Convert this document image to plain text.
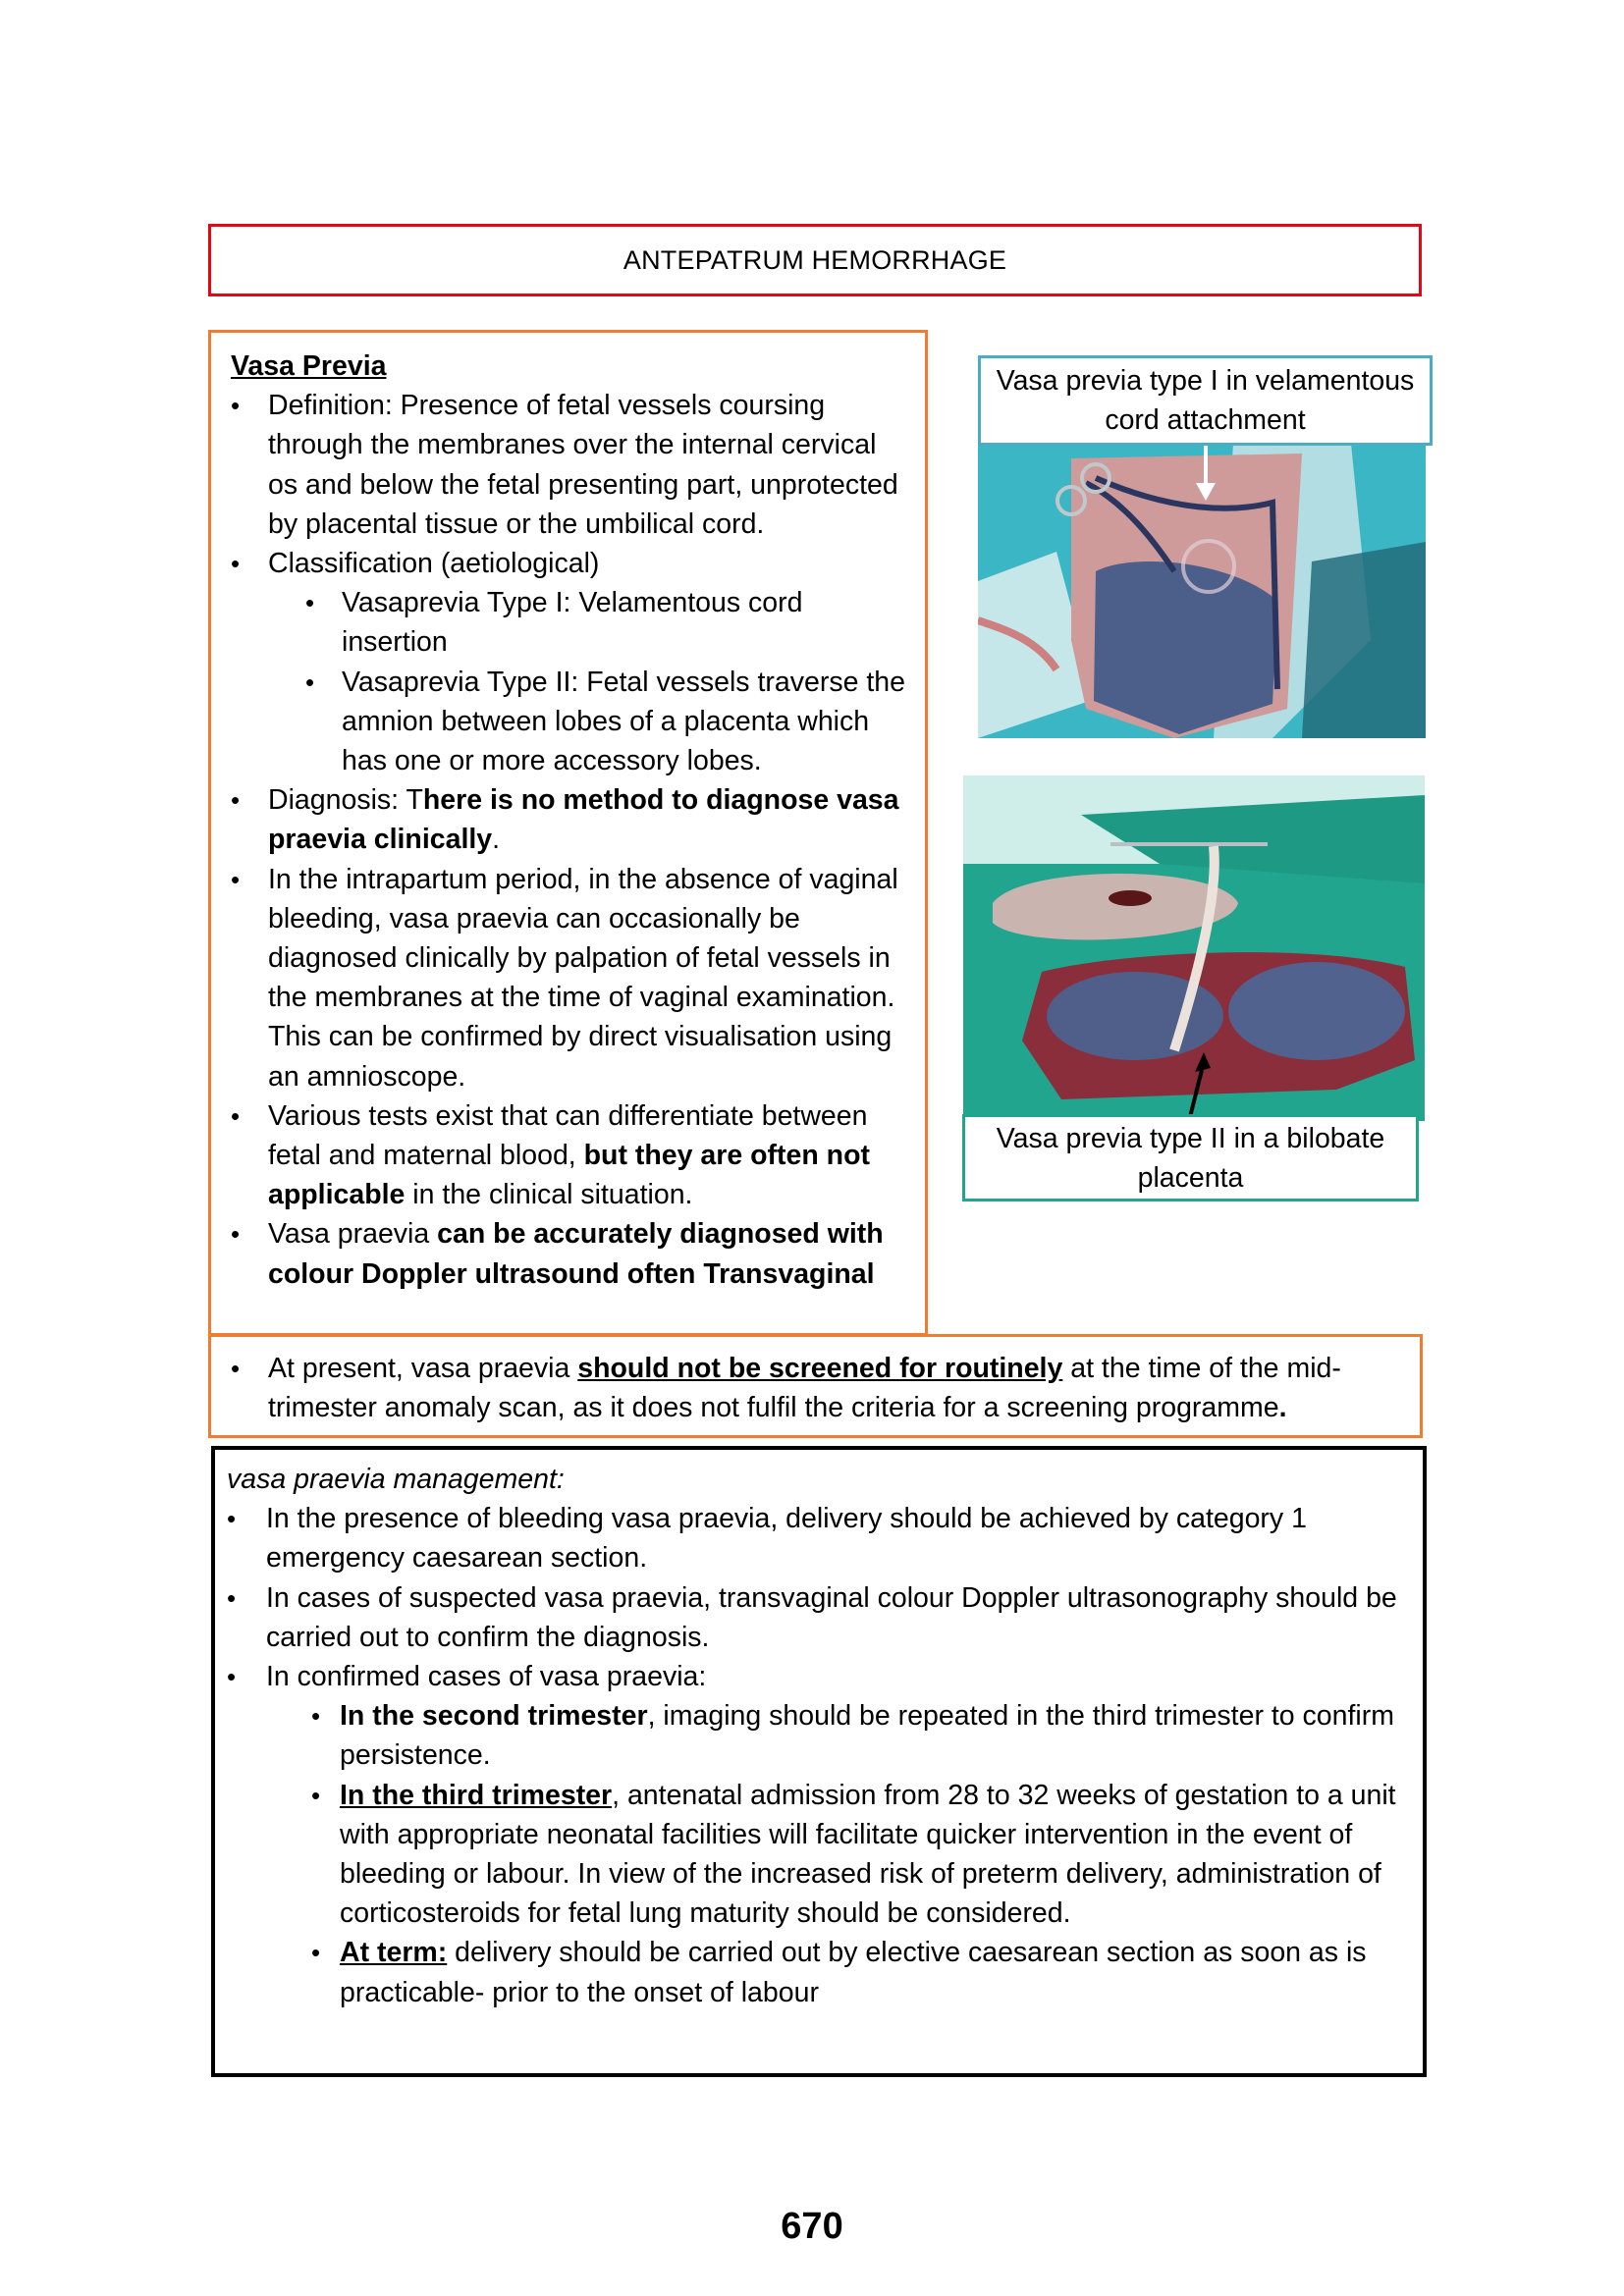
ANTEPATRUM HEMORRHAGE

Vasa Previa

• Definition: Presence of fetal vessels coursing through the membranes over the internal cervical os and below the fetal presenting part, unprotected by placental tissue or the umbilical cord.
• Classification (aetiological)
• Vasaprevia Type I: Velamentous cord insertion
• Vasaprevia Type II: Fetal vessels traverse the amnion between lobes of a placenta which has one or more accessory lobes.
• Diagnosis: There is no method to diagnose vasa praevia clinically.
• In the intrapartum period, in the absence of vaginal bleeding, vasa praevia can occasionally be diagnosed clinically by palpation of fetal vessels in the membranes at the time of vaginal examination. This can be confirmed by direct visualisation using an amnioscope.
• Various tests exist that can differentiate between fetal and maternal blood, but they are often not applicable in the clinical situation.
• Vasa praevia can be accurately diagnosed with colour Doppler ultrasound often Transvaginal
• At present, vasa praevia should not be screened for routinely at the time of the mid-trimester anomaly scan, as it does not fulfil the criteria for a screening programme.
Vasa previa type I in velamentous cord attachment
Vasa previa type II in a bilobate placenta

vasa praevia management:

• In the presence of bleeding vasa praevia, delivery should be achieved by category 1 emergency caesarean section.
• In cases of suspected vasa praevia, transvaginal colour Doppler ultrasonography should be carried out to confirm the diagnosis.
• In confirmed cases of vasa praevia:
• In the second trimester, imaging should be repeated in the third trimester to confirm persistence.
• In the third trimester, antenatal admission from 28 to 32 weeks of gestation to a unit with appropriate neonatal facilities will facilitate quicker intervention in the event of bleeding or labour. In view of the increased risk of preterm delivery, administration of corticosteroids for fetal lung maturity should be considered.
• At term: delivery should be carried out by elective caesarean section as soon as is practicable- prior to the onset of labour
670
